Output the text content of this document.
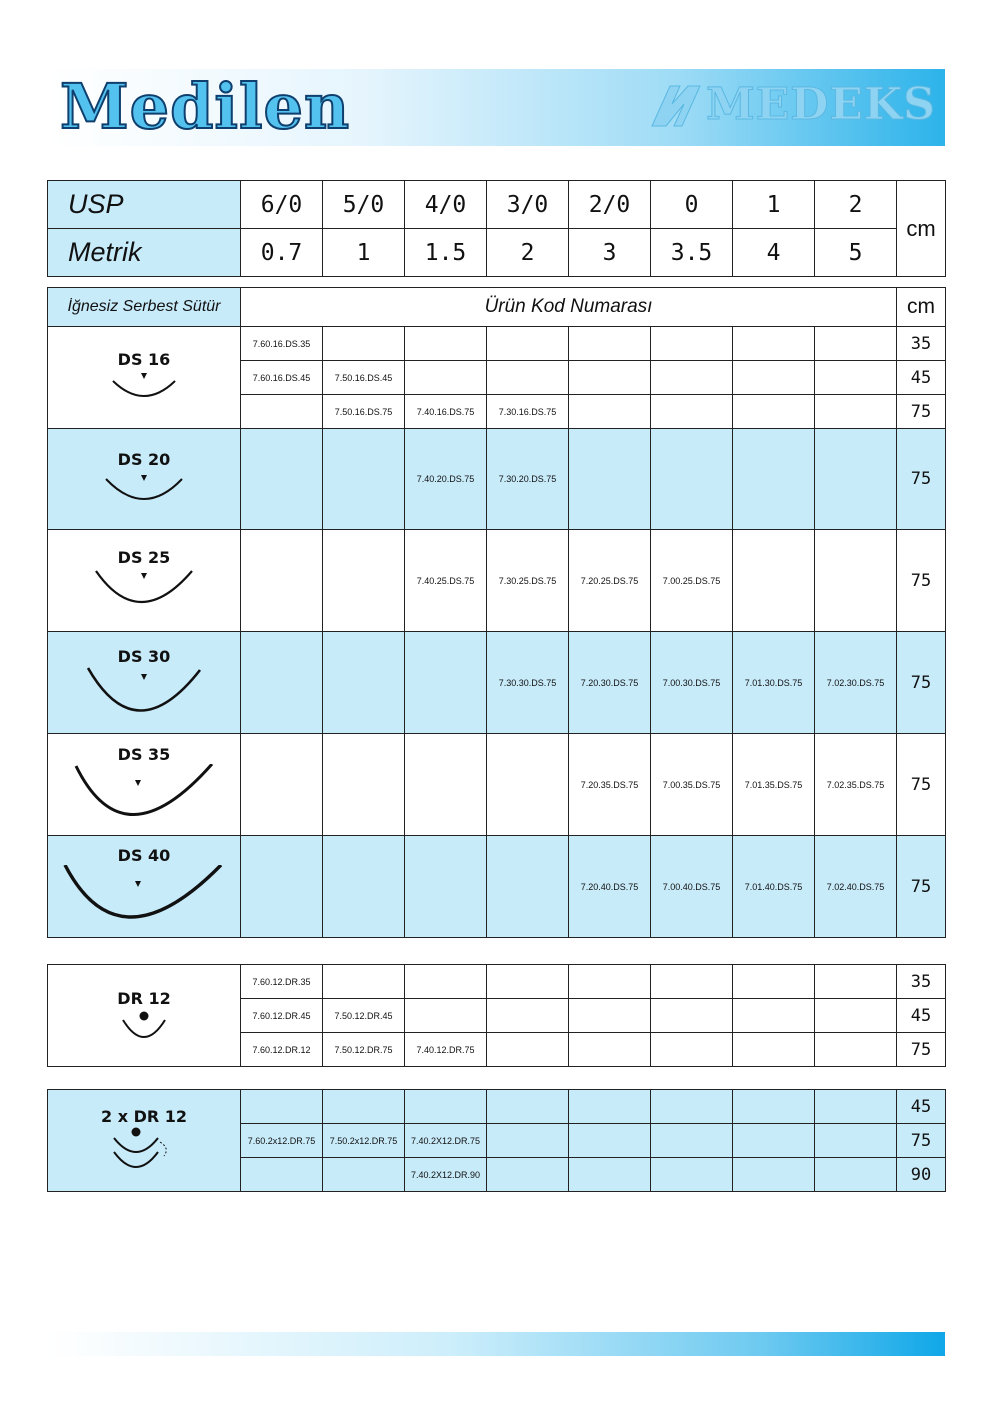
Medilen	MEDEKS
USP	6/0	5/0	4/0	3/0	2/0	0	1	2	cm
Metrik	0.7	1	1.5	2	3	3.5	4	5	
İğnesiz Serbest Sütür	Ürün Kod Numarası								cm

DS 16	7.60.16.DS.35								35
	7.60.16.DS.45	7.50.16.DS.45							45
		7.50.16.DS.75	7.40.16.DS.75	7.30.16.DS.75					75

DS 20			7.40.20.DS.75	7.30.20.DS.75					75

DS 25			7.40.25.DS.75	7.30.25.DS.75	7.20.25.DS.75	7.00.25.DS.75			75

DS 30				7.30.30.DS.75	7.20.30.DS.75	7.00.30.DS.75	7.01.30.DS.75	7.02.30.DS.75	75

DS 35					7.20.35.DS.75	7.00.35.DS.75	7.01.35.DS.75	7.02.35.DS.75	75

DS 40					7.20.40.DS.75	7.00.40.DS.75	7.01.40.DS.75	7.02.40.DS.75	75
DR 12	7.60.12.DR.35								35
	7.60.12.DR.45	7.50.12.DR.45							45
	7.60.12.DR.12	7.50.12.DR.75	7.40.12.DR.75						75
2 x DR 12									45
	7.60.2x12.DR.75	7.50.2x12.DR.75	7.40.2X12.DR.75						75
			7.40.2X12.DR.90						90
